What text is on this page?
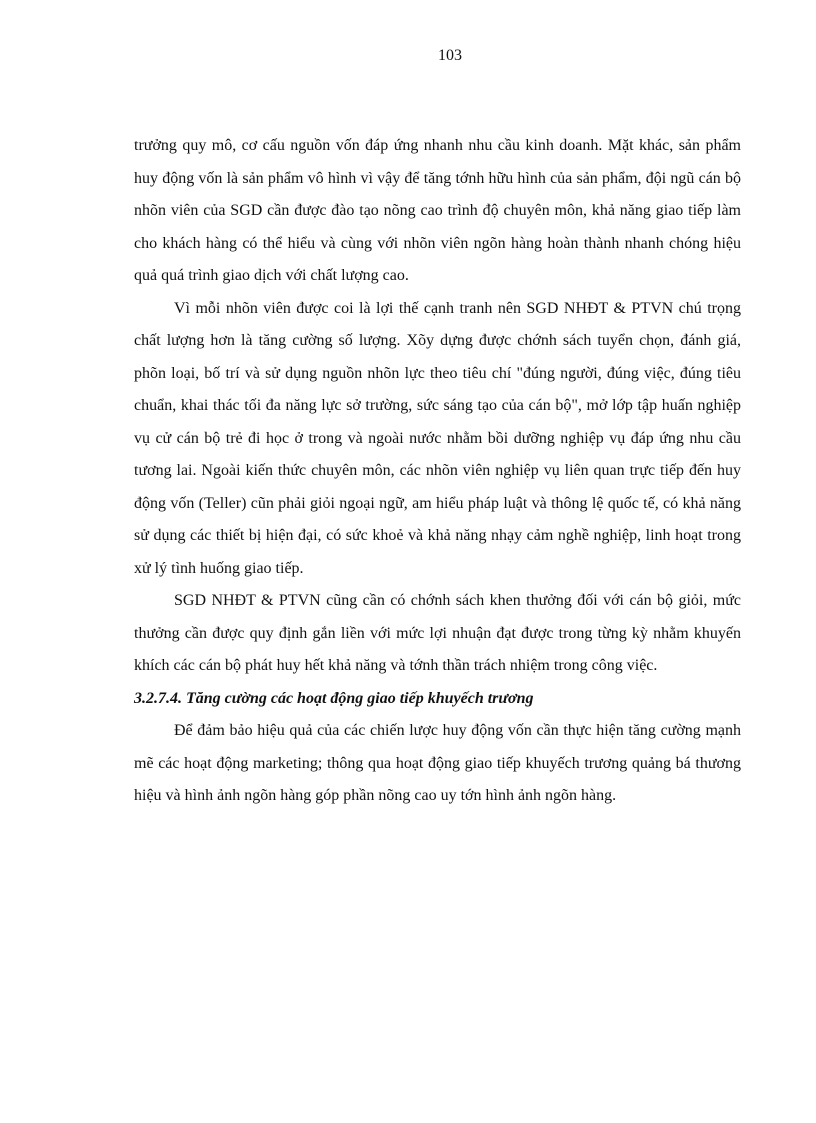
103

trưởng quy mô, cơ cấu nguồn vốn đáp ứng nhanh nhu cầu kinh doanh. Mặt khác, sản phẩm huy động vốn là sản phẩm vô hình vì vậy để tăng tớnh hữu hình của sản phẩm, đội ngũ cán bộ nhõn viên của SGD cần được đào tạo nõng cao trình độ chuyên môn, khả năng giao tiếp làm cho khách hàng có thể hiểu và cùng với nhõn viên ngõn hàng hoàn thành nhanh chóng hiệu quả quá trình giao dịch với chất lượng cao.

Vì mỗi nhõn viên được coi là lợi thế cạnh tranh nên SGD NHĐT & PTVN chú trọng chất lượng hơn là tăng cường số lượng. Xõy dựng được chớnh sách tuyển chọn, đánh giá, phõn loại, bố trí và sử dụng nguồn nhõn lực theo tiêu chí "đúng người, đúng việc, đúng tiêu chuẩn, khai thác tối đa năng lực sở trường, sức sáng tạo của cán bộ", mở lớp tập huấn nghiệp vụ cử cán bộ trẻ đi học ở trong và ngoài nước nhằm bồi dưỡng nghiệp vụ đáp ứng nhu cầu tương lai. Ngoài kiến thức chuyên môn, các nhõn viên nghiệp vụ liên quan trực tiếp đến huy động vốn (Teller) cũn phải giỏi ngoại ngữ, am hiểu pháp luật và thông lệ quốc tế, có khả năng sử dụng các thiết bị hiện đại, có sức khoẻ và khả năng nhạy cảm nghề nghiệp, linh hoạt trong xử lý tình huống giao tiếp.

SGD NHĐT & PTVN cũng cần có chớnh sách khen thưởng đối với cán bộ giỏi, mức thưởng cần được quy định gắn liền với mức lợi nhuận đạt được trong từng kỳ nhằm khuyến khích các cán bộ phát huy hết khả năng và tớnh thần trách nhiệm trong công việc.

3.2.7.4. Tăng cường các hoạt động giao tiếp khuyếch trương

Để đảm bảo hiệu quả của các chiến lược huy động vốn cần thực hiện tăng cường mạnh mẽ các hoạt động marketing; thông qua hoạt động giao tiếp khuyếch trương quảng bá thương hiệu và hình ảnh ngõn hàng góp phần nõng cao uy tớn hình ảnh ngõn hàng.
